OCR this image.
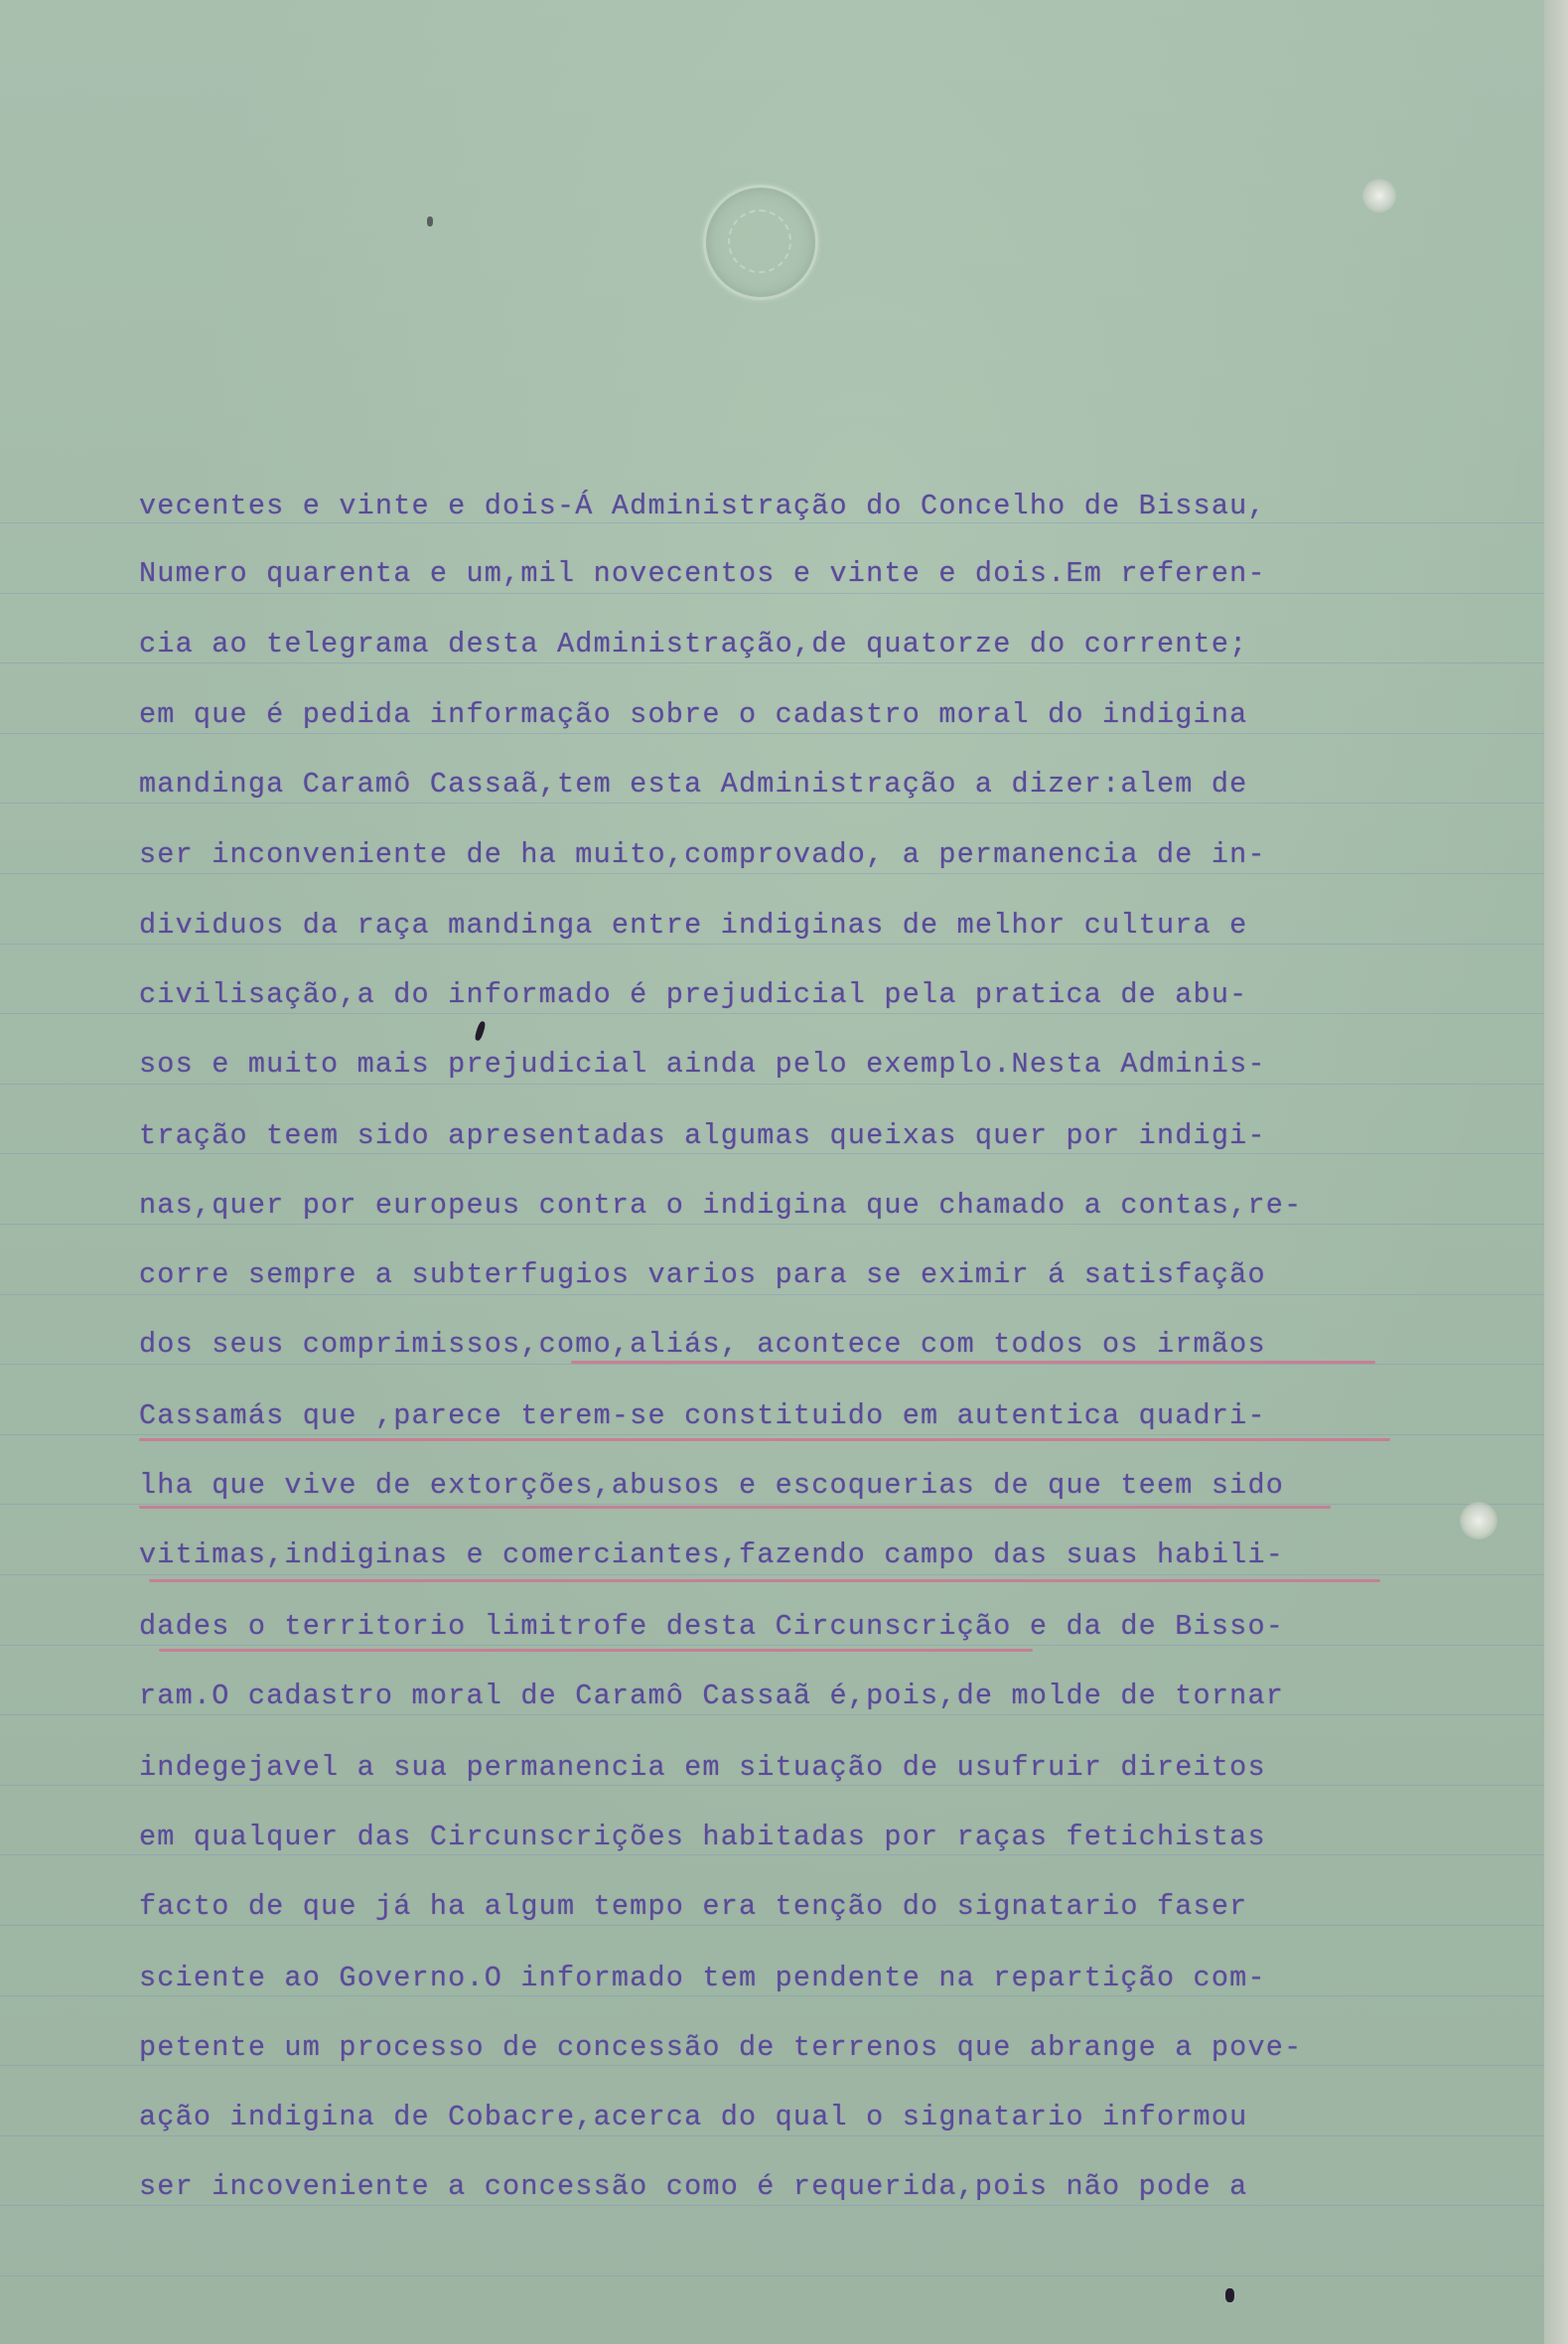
vecentes e vinte e dois-Á Administração do Concelho de Bissau,
Numero quarenta e um,mil novecentos e vinte e dois.Em referen-
cia ao telegrama desta Administração,de quatorze do corrente;
em que é pedida informação sobre o cadastro moral do indigina
mandinga Caramô Cassaã,tem esta Administração a dizer:alem de
ser inconveniente de ha muito,comprovado, a permanencia de in-
dividuos da raça mandinga entre indiginas de melhor cultura e
civilisação,a do informado é prejudicial pela pratica de abu-
sos e muito mais prejudicial ainda pelo exemplo.Nesta Adminis-
tração teem sido apresentadas algumas queixas quer por indigi-
nas,quer por europeus contra o indigina que chamado a contas,re-
corre sempre a subterfugios varios para se eximir á satisfação
dos seus comprimissos,como,aliás, acontece com todos os irmãos
Cassamás que ,parece terem-se constituido em autentica quadri-
lha que vive de extorções,abusos e escoquerias de que teem sido
vitimas,indiginas e comerciantes,fazendo campo das suas habili-
dades o territorio limitrofe desta Circunscrição e da de Bisso-
ram.O cadastro moral de Caramô Cassaã é,pois,de molde de tornar
indegejavel a sua permanencia em situação de usufruir direitos
em qualquer das Circunscrições habitadas por raças fetichistas
facto de que já ha algum tempo era tenção do signatario faser
sciente ao Governo.O informado tem pendente na repartição com-
petente um processo de concessão de terrenos que abrange a pove-
ação indigina de Cobacre,acerca do qual o signatario informou
ser incoveniente a concessão como é requerida,pois não pode a
